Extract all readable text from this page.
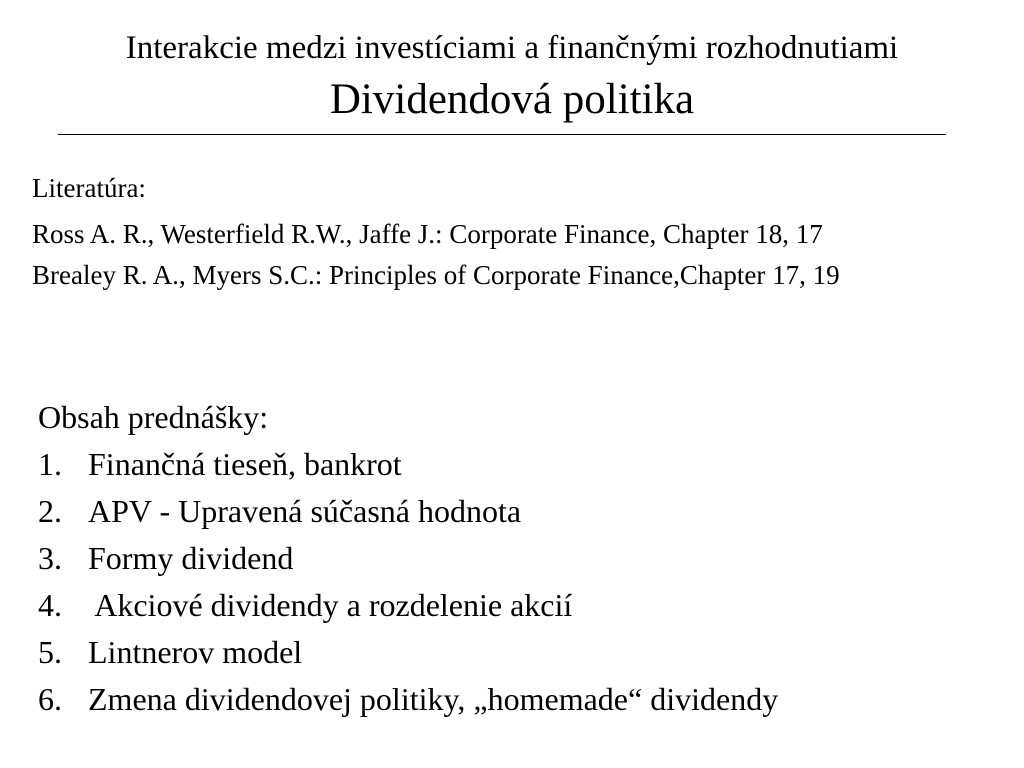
Interakcie medzi investíciami a finančnými rozhodnutiami
Dividendová politika
Literatúra:
Ross A. R., Westerfield R.W., Jaffe J.: Corporate Finance, Chapter 18, 17
Brealey R. A., Myers S.C.: Principles of Corporate Finance,Chapter 17, 19
Obsah prednášky:
1. Finančná tieseň, bankrot
2. APV - Upravená súčasná hodnota
3. Formy dividend
4. Akciové dividendy a rozdelenie akcií
5. Lintnerov model
6. Zmena dividendovej politiky, „homemade“ dividendy
